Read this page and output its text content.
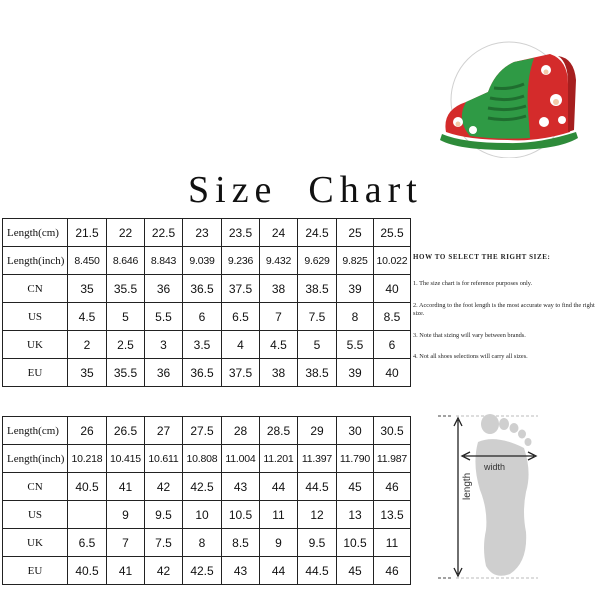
Size  Chart
Length(cm)	21.5	22	22.5	23	23.5	24	24.5	25	25.5
Length(inch)	8.450	8.646	8.843	9.039	9.236	9.432	9.629	9.825	10.022
CN	35	35.5	36	36.5	37.5	38	38.5	39	40
US	4.5	5	5.5	6	6.5	7	7.5	8	8.5
UK	2	2.5	3	3.5	4	4.5	5	5.5	6
EU	35	35.5	36	36.5	37.5	38	38.5	39	40
HOW TO SELECT THE RIGHT SIZE:
1. The size chart is for reference purposes only.
2. According to the foot length is the most accurate way to find the right size.
3. Note that sizing will vary between brands.
4. Not all shoes selections will carry all sizes.
Length(cm)	26	26.5	27	27.5	28	28.5	29	30	30.5
Length(inch)	10.218	10.415	10.611	10.808	11.004	11.201	11.397	11.790	11.987
CN	40.5	41	42	42.5	43	44	44.5	45	46
US		9	9.5	10	10.5	11	12	13	13.5
UK	6.5	7	7.5	8	8.5	9	9.5	10.5	11
EU	40.5	41	42	42.5	43	44	44.5	45	46
length
width
